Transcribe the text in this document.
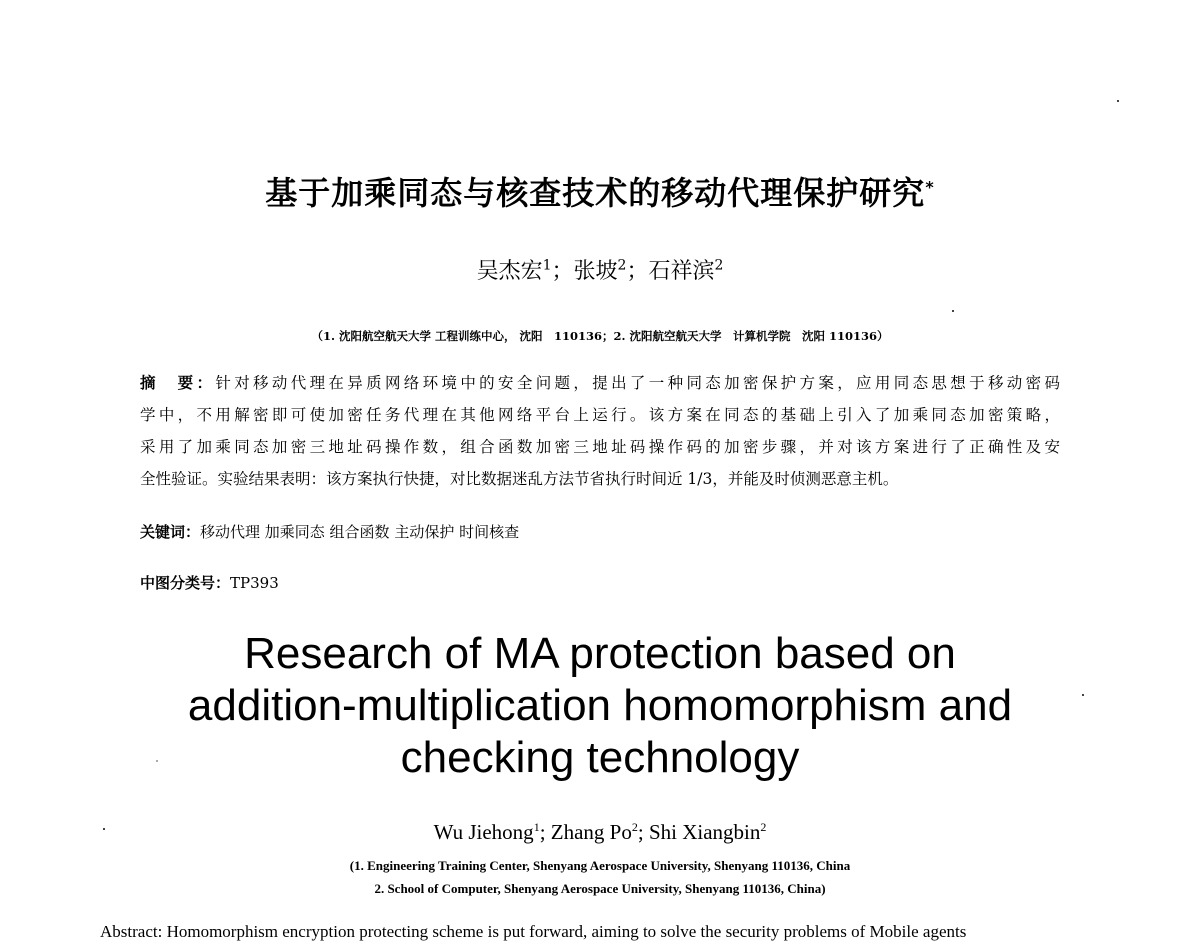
基于加乘同态与核查技术的移动代理保护研究*
吴杰宏$^1$；张坡$^2$；石祥滨$^2$
（1. 沈阳航空航天大学 工程训练中心， 沈阳　110136；2. 沈阳航空航天大学　计算机学院　沈阳 110136）
摘　要：针对移动代理在异质网络环境中的安全问题，提出了一种同态加密保护方案，应用同态思想于移动密码
学中，不用解密即可使加密任务代理在其他网络平台上运行。该方案在同态的基础上引入了加乘同态加密策略，
采用了加乘同态加密三地址码操作数，组合函数加密三地址码操作码的加密步骤，并对该方案进行了正确性及安
全性验证。实验结果表明：该方案执行快捷，对比数据迷乱方法节省执行时间近 1/3，并能及时侦测恶意主机。
关键词：移动代理 加乘同态 组合函数 主动保护 时间核查
中图分类号：TP393
Research of MA protection based on
addition-multiplication homomorphism and
checking technology
Wu Jiehong$^1$; Zhang Po$^2$; Shi Xiangbin$^2$
(1. Engineering Training Center, Shenyang Aerospace University, Shenyang 110136, China
2. School of Computer, Shenyang Aerospace University, Shenyang 110136, China)
Abstract: Homomorphism encryption protecting scheme is put forward, aiming to solve the security problems of Mobile agents
